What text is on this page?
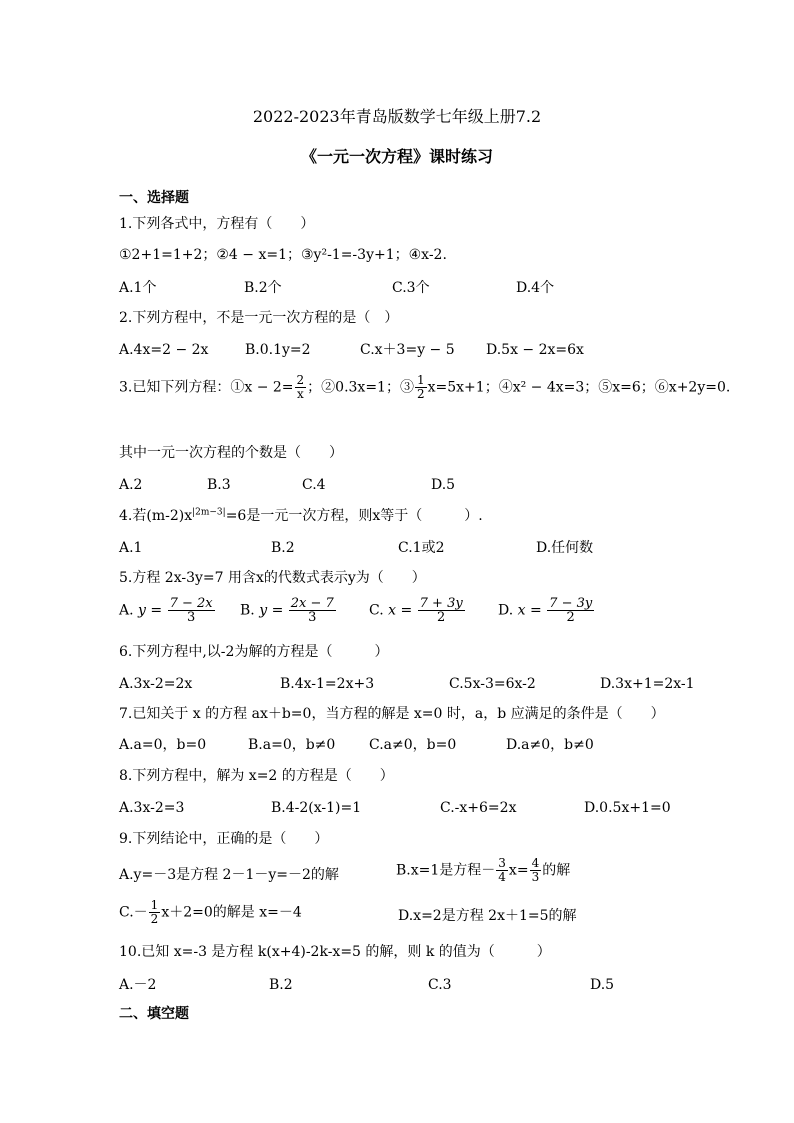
2022-2023年青岛版数学七年级上册7.2
《一元一次方程》课时练习
一、选择题
1.下列各式中，方程有（　　）
①2+1=1+2；②4 − x=1；③y²-1=-3y+1；④x-2.
A.1个	B.2个	C.3个	D.4个
2.下列方程中，不是一元一次方程的是（　）
A.4x=2 − 2x	B.0.1y=2	C.x＋3=y − 5 D.5x − 2x=6x
3.已知下列方程：①x − $2= \frac{2}{x}$ ；②0.3x=1；③ $\frac{1}{2} x=5x+1$；④x² − 4x=3；⑤x=6；⑥x+2y=0.
其中一元一次方程的个数是（　　）
A.2	B.3	C.4	D.5
4.若$(m-2)x^{|2m-3|}=6$是一元一次方程，则x等于（　　　）.
A.1	B.2	C.1或2	D.任何数
5.方程 2x-3y=7 用含x的代数式表示y为（　　）
A. $y = \frac{7 - 2x}{3} B$. $y = \frac{2x - 7}{3} C$. $x = \frac{7 + 3y}{2} D$. $x = \frac{7 - 3y}{2}$
6.下列方程中,以-2为解的方程是（　　　）
A.3x-2=2x	B.4x-1=2x+3	C.5x-3=6x-2	D.3x+1=2x-1
7.已知关于 x 的方程 ax＋b=0，当方程的解是 x=0 时，a，b 应满足的条件是（　　）
A.a=0，b=0	B.a=0，b≠0 C.a≠0，b=0	D.a≠0，b≠0
8.下列方程中，解为 x=2 的方程是（　　）
A.3x-2=3	B.4-2(x-1)=1	C.-x+6=2x	D.0.5x+1=0
9.下列结论中，正确的是（　　）
A.y=－3是方程 2－1－y=－2的解	B.x=1是方程－ $\frac{3}{4} x= \frac{4}{3}$ 的解
$C.- \frac{1}{2} x+2=0$的解是 x=－4	D.x=2是方程 2x＋1=5的解
10.已知 x=-3 是方程 k(x+4)-2k-x=5 的解，则 k 的值为（　　　）
A.－2	B.2	C.3	D.5
二、填空题
